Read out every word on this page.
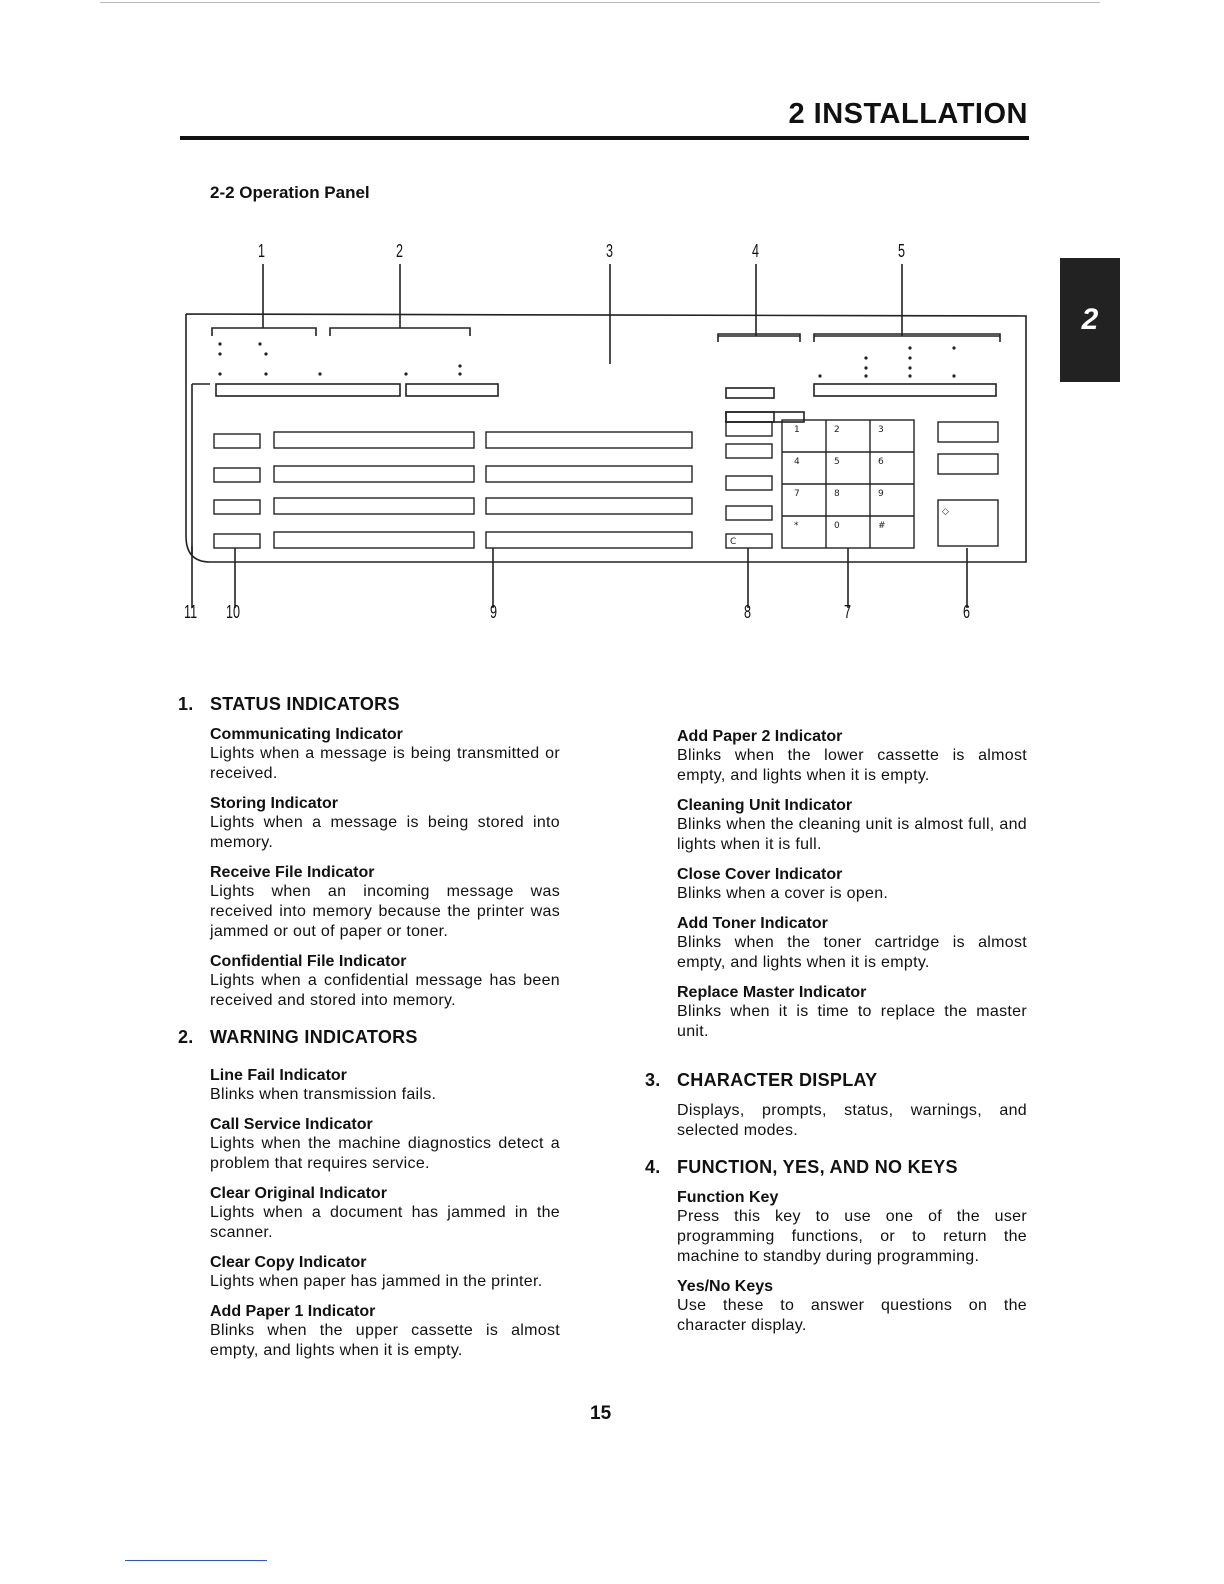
2 INSTALLATION
2
2-2 Operation Panel
1	2	3
4	5	6
7	8	9
*	0	#
C
◇
1	2	3	4	5
11 10	9	8	7	6
1. STATUS INDICATORS
Communicating Indicator
Lights when a message is being transmitted or received.
Storing Indicator
Lights when a message is being stored into memory.
Receive File Indicator
Lights when an incoming message was received into memory because the printer was jammed or out of paper or toner.
Confidential File Indicator
Lights when a confidential message has been received and stored into memory.
2. WARNING INDICATORS
Line Fail Indicator
Blinks when transmission fails.
Call Service Indicator
Lights when the machine diagnostics detect a problem that requires service.
Clear Original Indicator
Lights when a document has jammed in the scanner.
Clear Copy Indicator
Lights when paper has jammed in the printer.
Add Paper 1 Indicator
Blinks when the upper cassette is almost empty, and lights when it is empty.
Add Paper 2 Indicator
Blinks when the lower cassette is almost empty, and lights when it is empty.
Cleaning Unit Indicator
Blinks when the cleaning unit is almost full, and lights when it is full.
Close Cover Indicator
Blinks when a cover is open.
Add Toner Indicator
Blinks when the toner cartridge is almost empty, and lights when it is empty.
Replace Master Indicator
Blinks when it is time to replace the master unit.
3. CHARACTER DISPLAY
Displays, prompts, status, warnings, and selected modes.
4. FUNCTION, YES, AND NO KEYS
Function Key
Press this key to use one of the user programming functions, or to return the machine to standby during programming.
Yes/No Keys
Use these to answer questions on the character display.
15
